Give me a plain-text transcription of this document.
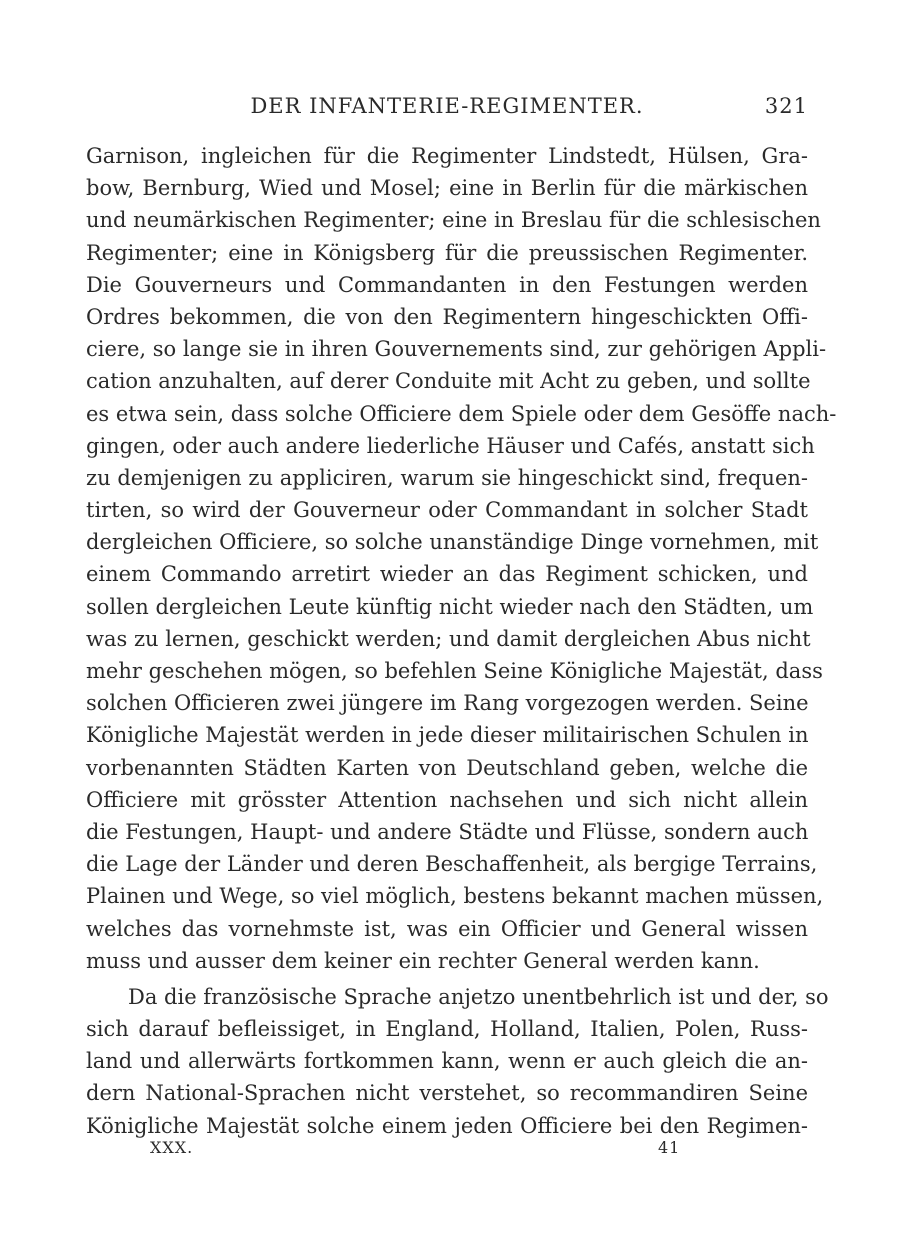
DER INFANTERIE-REGIMENTER.	321
Garnison, ingleichen für die Regimenter Lindstedt, Hülsen, Gra-
bow, Bernburg, Wied und Mosel; eine in Berlin für die märkischen
und neumärkischen Regimenter; eine in Breslau für die schlesischen
Regimenter; eine in Königsberg für die preussischen Regimenter.
Die Gouverneurs und Commandanten in den Festungen werden
Ordres bekommen, die von den Regimentern hingeschickten Offi-
ciere, so lange sie in ihren Gouvernements sind, zur gehörigen Appli-
cation anzuhalten, auf derer Conduite mit Acht zu geben, und sollte
es etwa sein, dass solche Officiere dem Spiele oder dem Gesöffe nach-
gingen, oder auch andere liederliche Häuser und Cafés, anstatt sich
zu demjenigen zu appliciren, warum sie hingeschickt sind, frequen-
tirten, so wird der Gouverneur oder Commandant in solcher Stadt
dergleichen Officiere, so solche unanständige Dinge vornehmen, mit
einem Commando arretirt wieder an das Regiment schicken, und
sollen dergleichen Leute künftig nicht wieder nach den Städten, um
was zu lernen, geschickt werden; und damit dergleichen Abus nicht
mehr geschehen mögen, so befehlen Seine Königliche Majestät, dass
solchen Officieren zwei jüngere im Rang vorgezogen werden. Seine
Königliche Majestät werden in jede dieser militairischen Schulen in
vorbenannten Städten Karten von Deutschland geben, welche die
Officiere mit grösster Attention nachsehen und sich nicht allein
die Festungen, Haupt- und andere Städte und Flüsse, sondern auch
die Lage der Länder und deren Beschaffenheit, als bergige Terrains,
Plainen und Wege, so viel möglich, bestens bekannt machen müssen,
welches das vornehmste ist, was ein Officier und General wissen
muss und ausser dem keiner ein rechter General werden kann.
Da die französische Sprache anjetzo unentbehrlich ist und der, so
sich darauf befleissiget, in England, Holland, Italien, Polen, Russ-
land und allerwärts fortkommen kann, wenn er auch gleich die an-
dern National-Sprachen nicht verstehet, so recommandiren Seine
Königliche Majestät solche einem jeden Officiere bei den Regimen-
XXX.	41
